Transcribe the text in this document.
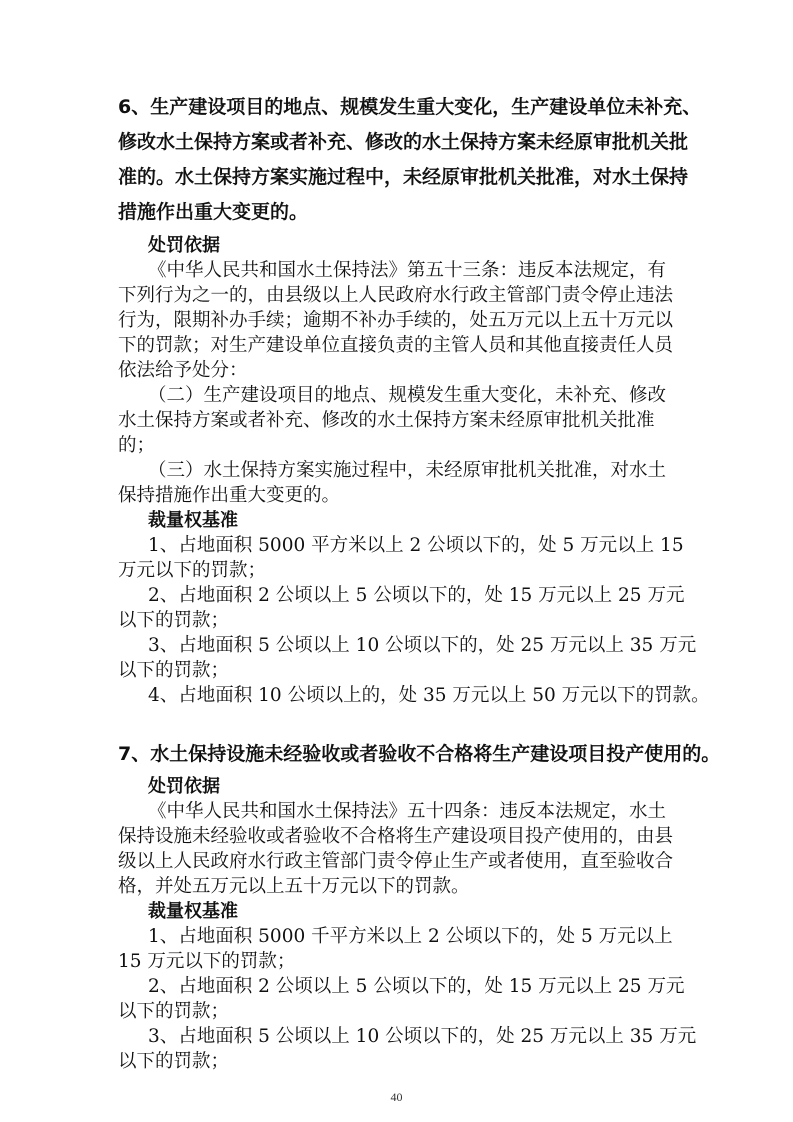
6、生产建设项目的地点、规模发生重大变化，生产建设单位未补充、
修改水土保持方案或者补充、修改的水土保持方案未经原审批机关批
准的。水土保持方案实施过程中，未经原审批机关批准，对水土保持
措施作出重大变更的。
处罚依据
《中华人民共和国水土保持法》第五十三条：违反本法规定，有
下列行为之一的，由县级以上人民政府水行政主管部门责令停止违法
行为，限期补办手续；逾期不补办手续的，处五万元以上五十万元以
下的罚款；对生产建设单位直接负责的主管人员和其他直接责任人员
依法给予处分：
（二）生产建设项目的地点、规模发生重大变化，未补充、修改
水土保持方案或者补充、修改的水土保持方案未经原审批机关批准
的；
（三）水土保持方案实施过程中，未经原审批机关批准，对水土
保持措施作出重大变更的。
裁量权基准
1、占地面积 5000 平方米以上 2 公顷以下的，处 5 万元以上 15
万元以下的罚款；
2、占地面积 2 公顷以上 5 公顷以下的，处 15 万元以上 25 万元
以下的罚款；
3、占地面积 5 公顷以上 10 公顷以下的，处 25 万元以上 35 万元
以下的罚款；
4、占地面积 10 公顷以上的，处 35 万元以上 50 万元以下的罚款。
7、水土保持设施未经验收或者验收不合格将生产建设项目投产使用的。
处罚依据
《中华人民共和国水土保持法》五十四条：违反本法规定，水土
保持设施未经验收或者验收不合格将生产建设项目投产使用的，由县
级以上人民政府水行政主管部门责令停止生产或者使用，直至验收合
格，并处五万元以上五十万元以下的罚款。
裁量权基准
1、占地面积 5000 千平方米以上 2 公顷以下的，处 5 万元以上
15 万元以下的罚款；
2、占地面积 2 公顷以上 5 公顷以下的，处 15 万元以上 25 万元
以下的罚款；
3、占地面积 5 公顷以上 10 公顷以下的，处 25 万元以上 35 万元
以下的罚款；
40
